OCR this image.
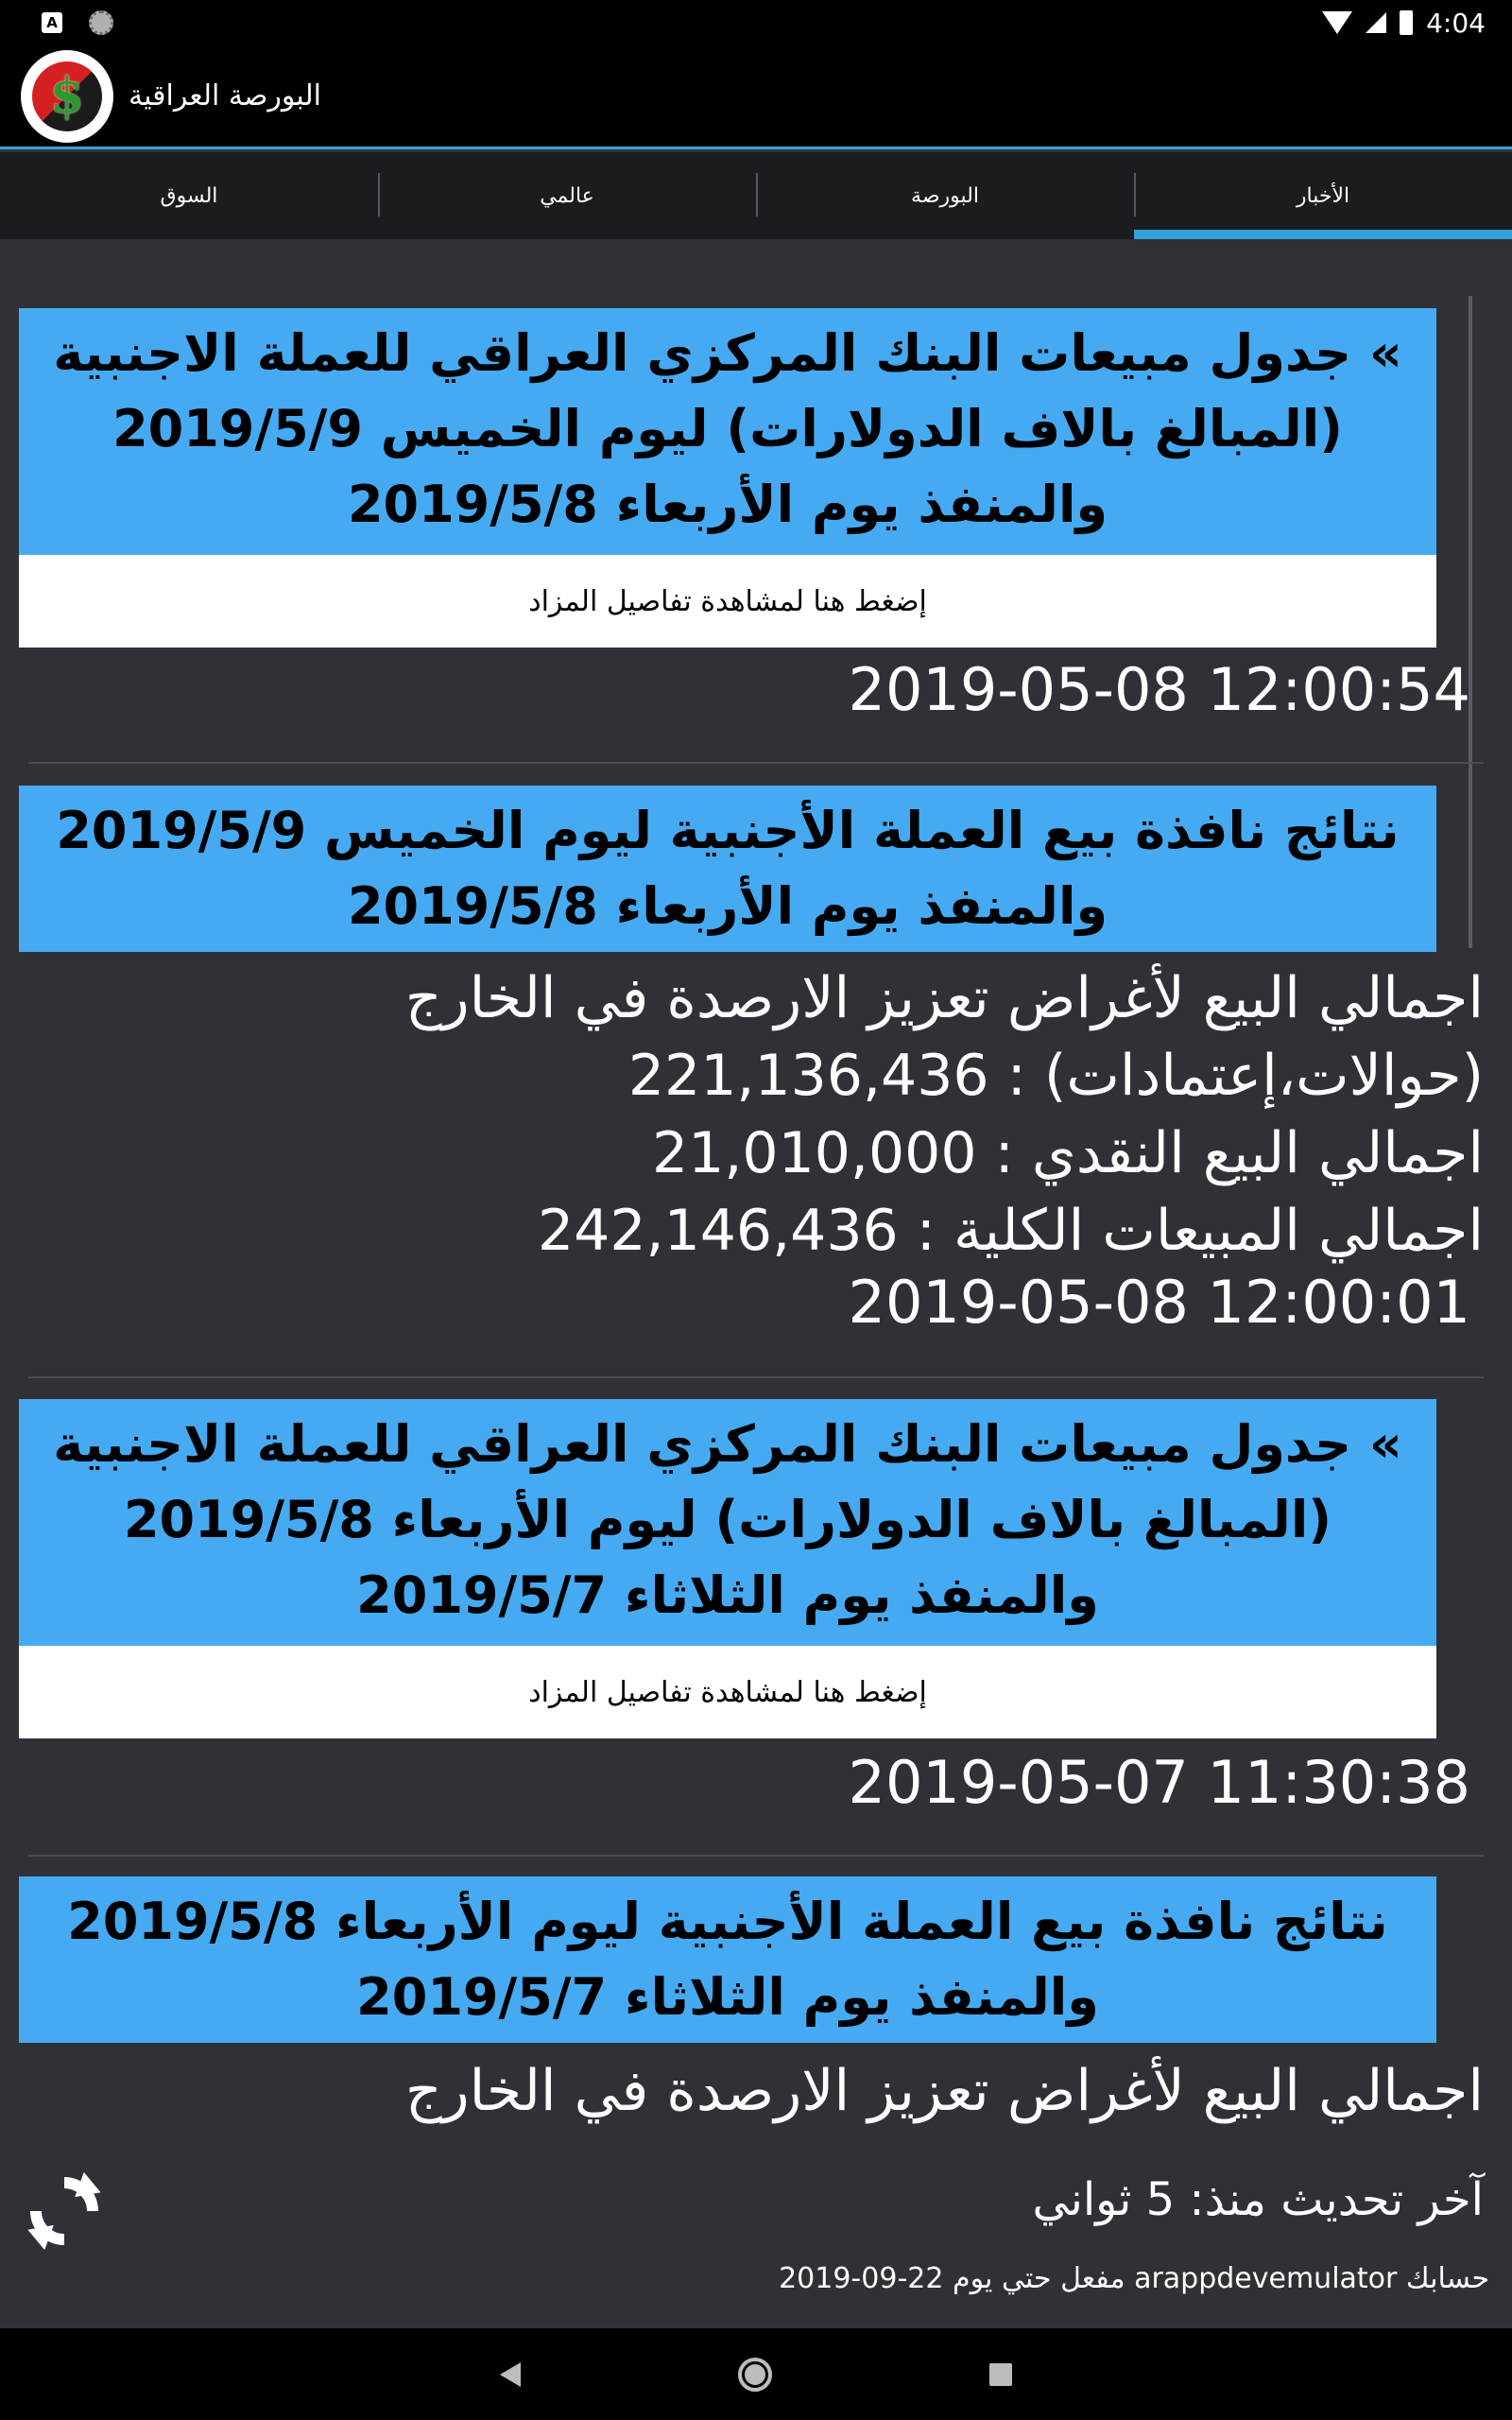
A	4:04
$ البورصة العراقية
السوق	عالمي	البورصة	الأخبار
» جدول مبيعات البنك المركزي العراقي للعملة الاجنبية (المبالغ بالاف الدولارات) ليوم الخميس 2019/5/9 والمنفذ يوم الأربعاء 2019/5/8
إضغط هنا لمشاهدة تفاصيل المزاد
2019-05-08 12:00:54
نتائج نافذة بيع العملة الأجنبية ليوم الخميس 2019/5/9 والمنفذ يوم الأربعاء 2019/5/8
اجمالي البيع لأغراض تعزيز الارصدة في الخارج (حوالات،إعتمادات) : 221,136,436
اجمالي البيع النقدي : 21,010,000
اجمالي المبيعات الكلية : 242,146,436
2019-05-08 12:00:01
» جدول مبيعات البنك المركزي العراقي للعملة الاجنبية (المبالغ بالاف الدولارات) ليوم الأربعاء 2019/5/8 والمنفذ يوم الثلاثاء 2019/5/7
إضغط هنا لمشاهدة تفاصيل المزاد
2019-05-07 11:30:38
نتائج نافذة بيع العملة الأجنبية ليوم الأربعاء 2019/5/8 والمنفذ يوم الثلاثاء 2019/5/7
اجمالي البيع لأغراض تعزيز الارصدة في الخارج
آخر تحديث منذ: 5 ثواني
حسابك arappdevemulator مفعل حتي يوم 22-09-2019
